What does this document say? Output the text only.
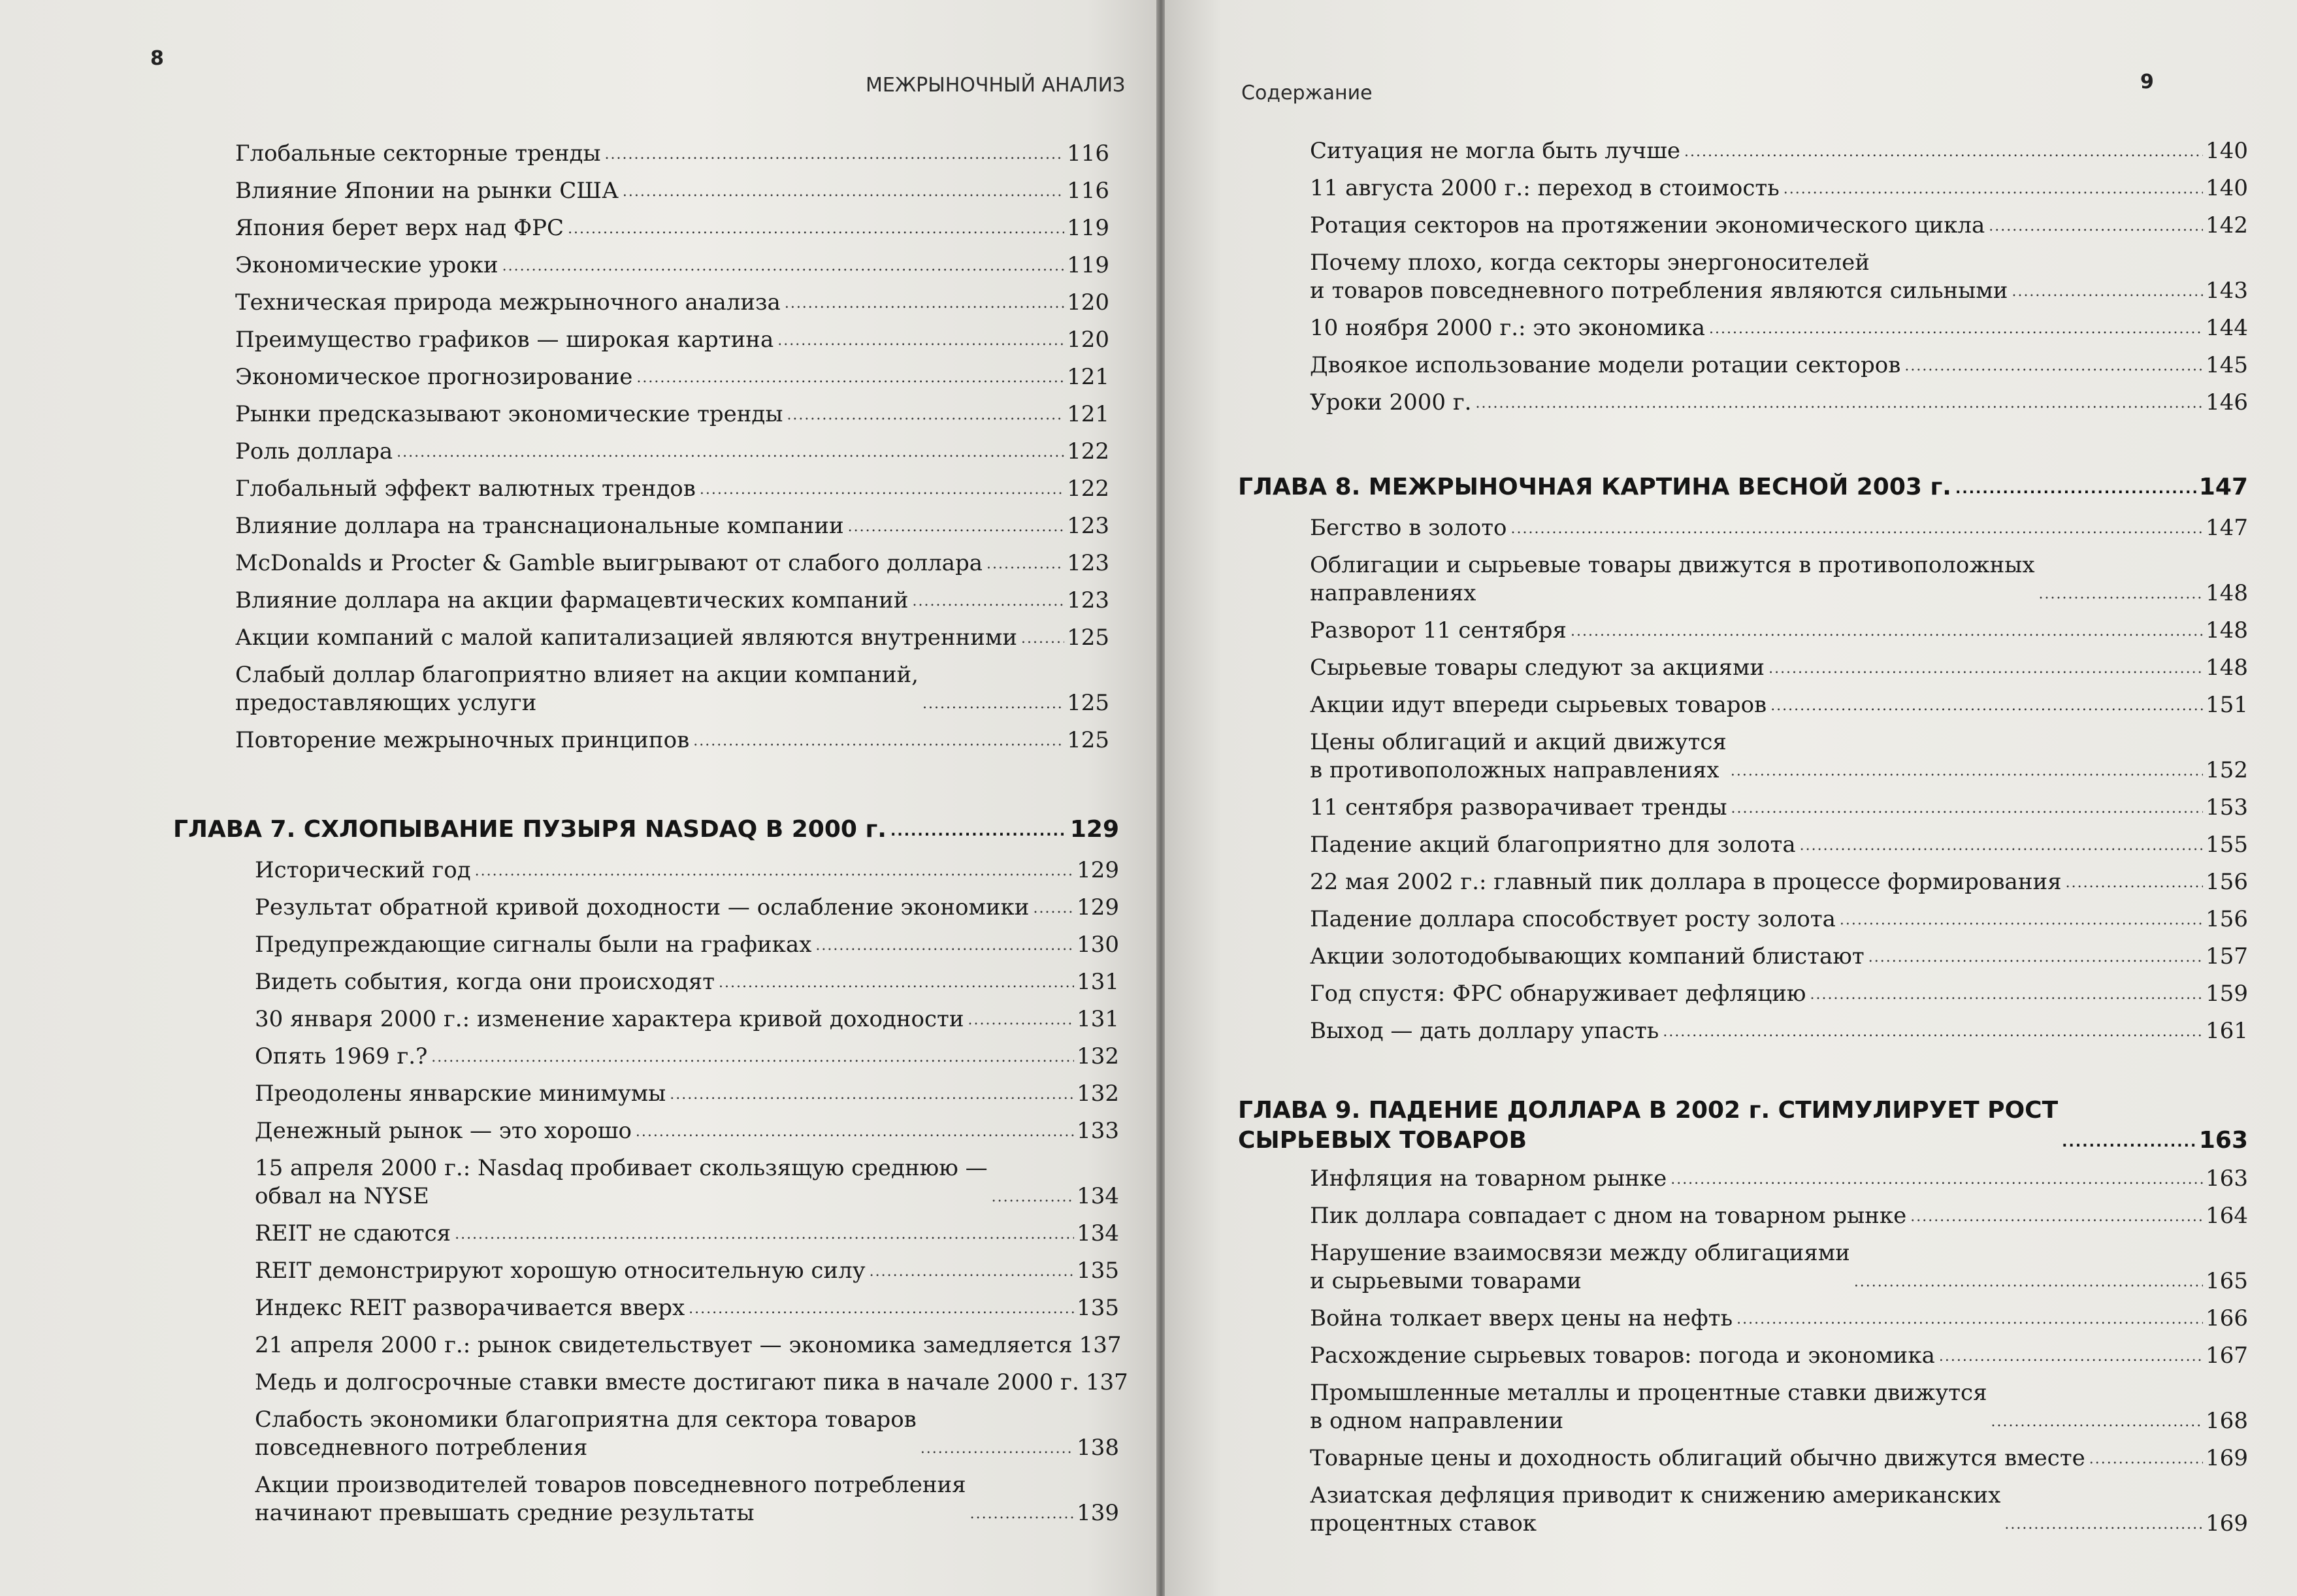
8
МЕЖРЫНОЧНЫЙ АНАЛИЗ
Глобальные секторные тренды .....	116
Влияние Японии на рынки США .....	116
Япония берет верх над ФРС .....	119
Экономические уроки .....	119
Техническая природа межрыночного анализа .....	120
Преимущество графиков — широкая картина .....	120
Экономическое прогнозирование .....	121
Рынки предсказывают экономические тренды .....	121
Роль доллара .....	122
Глобальный эффект валютных трендов .....	122
Влияние доллара на транснациональные компании .....	123
McDonalds и Procter & Gamble выигрывают от слабого доллара .....	123
Влияние доллара на акции фармацевтических компаний .....	123
Акции компаний с малой капитализацией являются внутренними ..... 125
Слабый доллар благоприятно влияет на акции компаний,
предоставляющих услуги .....	125
Повторение межрыночных принципов .....	125
ГЛАВА 7. СХЛОПЫВАНИЕ ПУЗЫРЯ NASDAQ В 2000 г. .....	129
Исторический год .....	129
Результат обратной кривой доходности — ослабление экономики ..... 129
Предупреждающие сигналы были на графиках .....	130
Видеть события, когда они происходят .....	131
30 января 2000 г.: изменение характера кривой доходности .....	131
Опять 1969 г.? .....	132
Преодолены январские минимумы .....	132
Денежный рынок — это хорошо .....	133
15 апреля 2000 г.: Nasdaq пробивает скользящую среднюю —
обвал на NYSE .....	134
REIT не сдаются .....	134
REIT демонстрируют хорошую относительную силу .....	135
Индекс REIT разворачивается вверх .....	135
21 апреля 2000 г.: рынок свидетельствует — экономика замедляется 137
Медь и долгосрочные ставки вместе достигают пика в начале 2000 г. 137
Слабость экономики благоприятна для сектора товаров
повседневного потребления .....	138
Акции производителей товаров повседневного потребления
начинают превышать средние результаты .....	139
Содержание	9
Ситуация не могла быть лучше .....	140
11 августа 2000 г.: переход в стоимость .....	140
Ротация секторов на протяжении экономического цикла .....	142
Почему плохо, когда секторы энергоносителей
и товаров повседневного потребления являются сильными .....	143
10 ноября 2000 г.: это экономика .....	144
Двоякое использование модели ротации секторов .....	145
Уроки 2000 г. .....	146
ГЛАВА 8. МЕЖРЫНОЧНАЯ КАРТИНА ВЕСНОЙ 2003 г. .....	147
Бегство в золото .....	147
Облигации и сырьевые товары движутся в противоположных
направлениях .....	148
Разворот 11 сентября .....	148
Сырьевые товары следуют за акциями .....	148
Акции идут впереди сырьевых товаров .....	151
Цены облигаций и акций движутся
в противоположных направлениях .....	152
11 сентября разворачивает тренды .....	153
Падение акций благоприятно для золота .....	155
22 мая 2002 г.: главный пик доллара в процессе формирования .....	156
Падение доллара способствует росту золота .....	156
Акции золотодобывающих компаний блистают .....	157
Год спустя: ФРС обнаруживает дефляцию .....	159
Выход — дать доллару упасть .....	161
ГЛАВА 9. ПАДЕНИЕ ДОЛЛАРА В 2002 г. СТИМУЛИРУЕТ РОСТ
СЫРЬЕВЫХ ТОВАРОВ .....	163
Инфляция на товарном рынке .....	163
Пик доллара совпадает с дном на товарном рынке .....	164
Нарушение взаимосвязи между облигациями
и сырьевыми товарами .....	165
Война толкает вверх цены на нефть .....	166
Расхождение сырьевых товаров: погода и экономика .....	167
Промышленные металлы и процентные ставки движутся
в одном направлении .....	168
Товарные цены и доходность облигаций обычно движутся вместе .....	169
Азиатская дефляция приводит к снижению американских
процентных ставок .....	169
